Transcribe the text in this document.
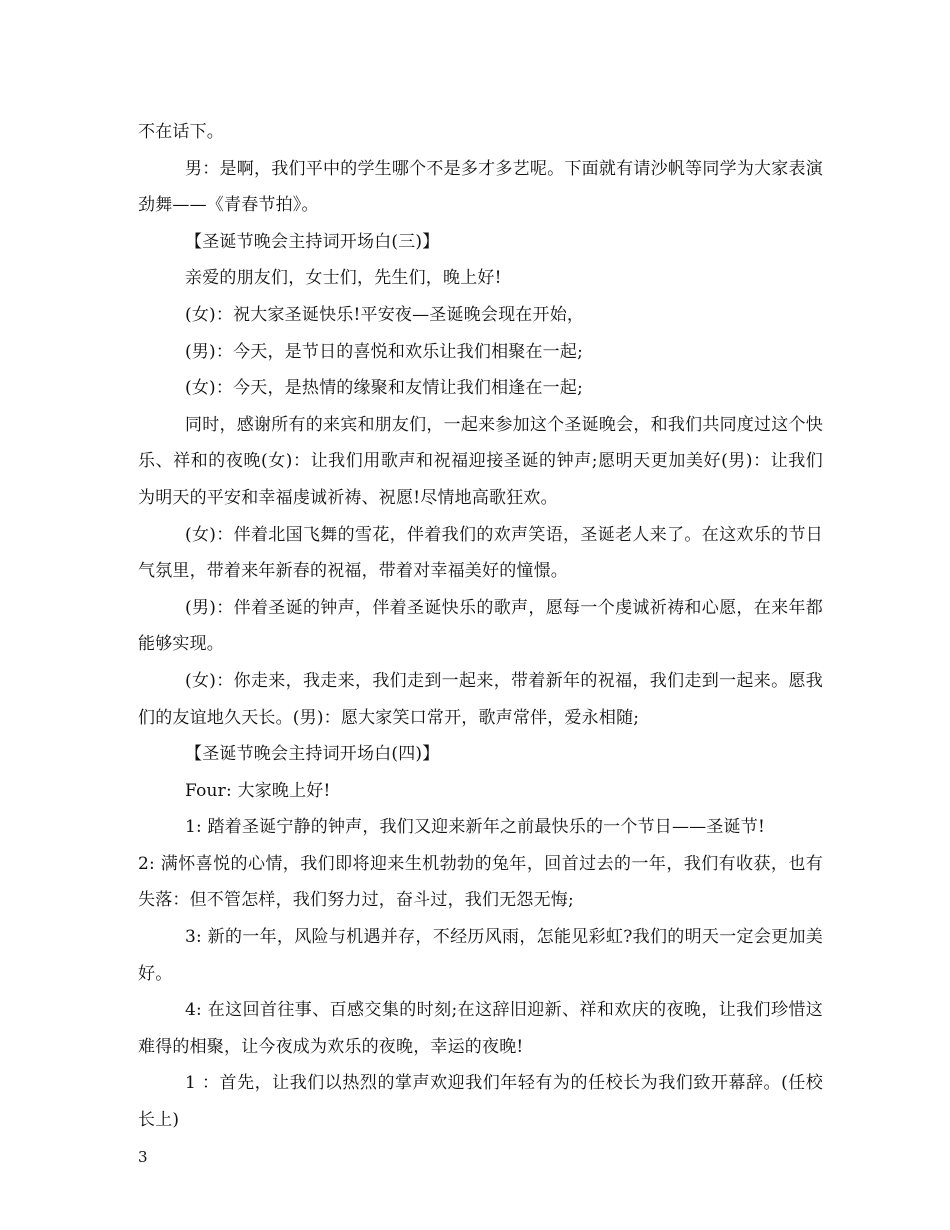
不在话下。

男：是啊，我们平中的学生哪个不是多才多艺呢。下面就有请沙帆等同学为大家表演劲舞——《青春节拍》。

【圣诞节晚会主持词开场白(三)】

亲爱的朋友们，女士们，先生们，晚上好!

(女)：祝大家圣诞快乐!平安夜—圣诞晚会现在开始，

(男)：今天，是节日的喜悦和欢乐让我们相聚在一起;

(女)：今天，是热情的缘聚和友情让我们相逢在一起;

同时，感谢所有的来宾和朋友们，一起来参加这个圣诞晚会，和我们共同度过这个快乐、祥和的夜晚(女)：让我们用歌声和祝福迎接圣诞的钟声;愿明天更加美好(男)：让我们为明天的平安和幸福虔诚祈祷、祝愿!尽情地高歌狂欢。

(女)：伴着北国飞舞的雪花，伴着我们的欢声笑语，圣诞老人来了。在这欢乐的节日气氛里，带着来年新春的祝福，带着对幸福美好的憧憬。

(男)：伴着圣诞的钟声，伴着圣诞快乐的歌声，愿每一个虔诚祈祷和心愿，在来年都能够实现。

(女)：你走来，我走来，我们走到一起来，带着新年的祝福，我们走到一起来。愿我们的友谊地久天长。(男)：愿大家笑口常开，歌声常伴，爱永相随;

【圣诞节晚会主持词开场白(四)】

Four: 大家晚上好!

1: 踏着圣诞宁静的钟声，我们又迎来新年之前最快乐的一个节日——圣诞节!

2: 满怀喜悦的心情，我们即将迎来生机勃勃的兔年，回首过去的一年，我们有收获，也有失落：但不管怎样，我们努力过，奋斗过，我们无怨无悔;

3: 新的一年，风险与机遇并存，不经历风雨，怎能见彩虹?我们的明天一定会更加美好。

4: 在这回首往事、百感交集的时刻;在这辞旧迎新、祥和欢庆的夜晚，让我们珍惜这难得的相聚，让今夜成为欢乐的夜晚，幸运的夜晚!

1 ：首先，让我们以热烈的掌声欢迎我们年轻有为的任校长为我们致开幕辞。(任校长上)

3
